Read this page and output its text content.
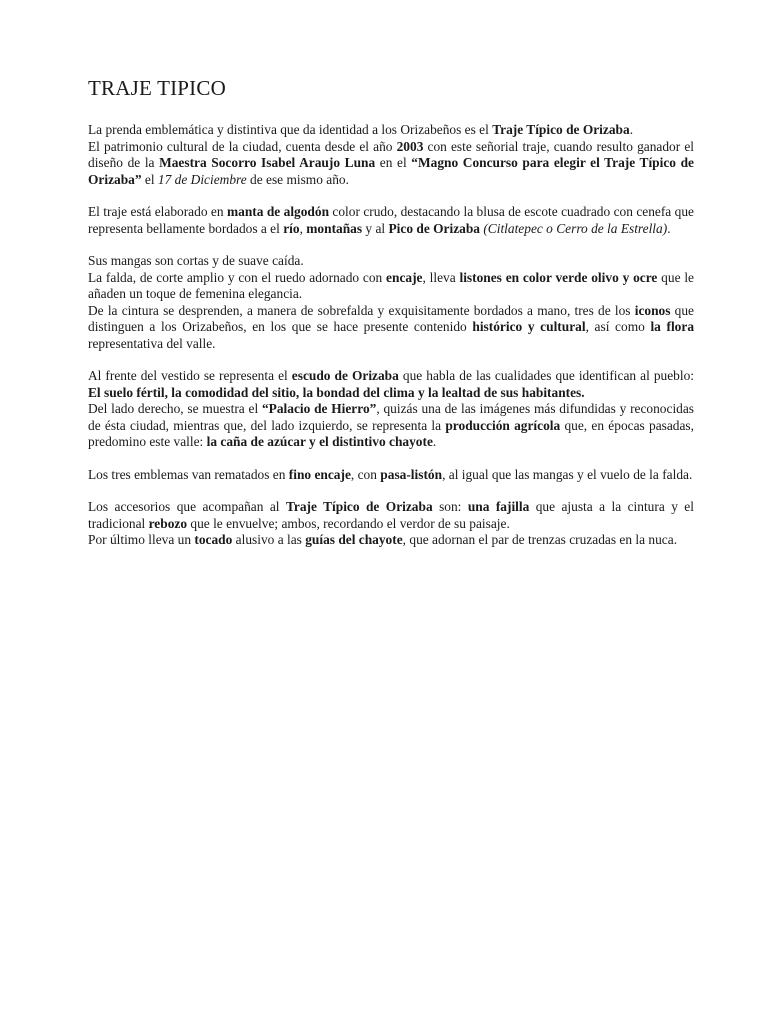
TRAJE TIPICO

La prenda emblemática y distintiva que da identidad a los Orizabeños es el Traje Típico de Orizaba.

El patrimonio cultural de la ciudad, cuenta desde el año 2003 con este señorial traje, cuando resulto ganador el diseño de la Maestra Socorro Isabel Araujo Luna en el “Magno Concurso para elegir el Traje Típico de Orizaba” el 17 de Diciembre de ese mismo año.

El traje está elaborado en manta de algodón color crudo, destacando la blusa de escote cuadrado con cenefa que representa bellamente bordados a el río, montañas y al Pico de Orizaba (Citlatepec o Cerro de la Estrella).

Sus mangas son cortas y de suave caída.

La falda, de corte amplio y con el ruedo adornado con encaje, lleva listones en color verde olivo y ocre que le añaden un toque de femenina elegancia.

De la cintura se desprenden, a manera de sobrefalda y exquisitamente bordados a mano, tres de los iconos que distinguen a los Orizabeños, en los que se hace presente contenido histórico y cultural, así como la flora representativa del valle.

Al frente del vestido se representa el escudo de Orizaba que habla de las cualidades que identifican al pueblo: El suelo fértil, la comodidad del sitio, la bondad del clima y la lealtad de sus habitantes.

Del lado derecho, se muestra el “Palacio de Hierro”, quizás una de las imágenes más difundidas y reconocidas de ésta ciudad, mientras que, del lado izquierdo, se representa la producción agrícola que, en épocas pasadas, predomino este valle: la caña de azúcar y el distintivo chayote.

Los tres emblemas van rematados en fino encaje, con pasa-listón, al igual que las mangas y el vuelo de la falda.

Los accesorios que acompañan al Traje Típico de Orizaba son: una fajilla que ajusta a la cintura y el tradicional rebozo que le envuelve; ambos, recordando el verdor de su paisaje.

Por último lleva un tocado alusivo a las guías del chayote, que adornan el par de trenzas cruzadas en la nuca.
